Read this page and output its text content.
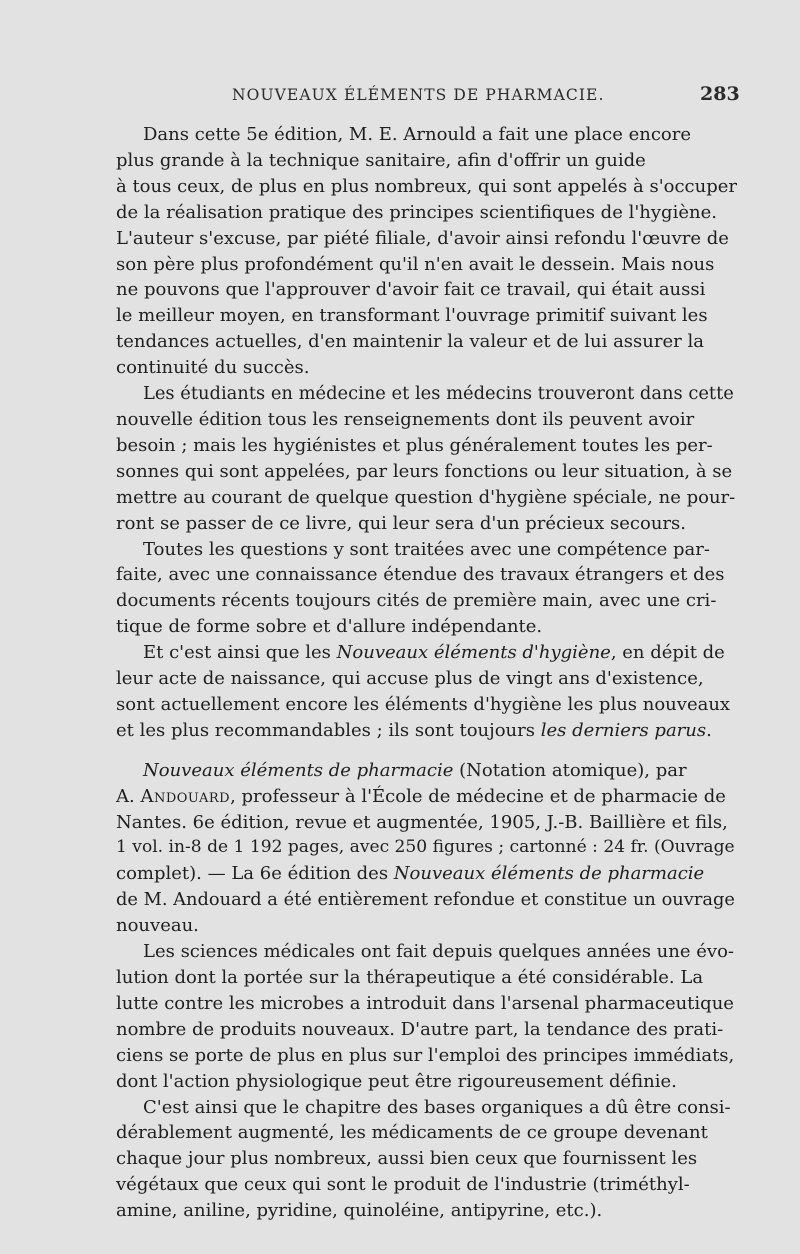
NOUVEAUX ÉLÉMENTS DE PHARMACIE.	283
Dans cette 5e édition, M. E. Arnould a fait une place encore
plus grande à la technique sanitaire, afin d'offrir un guide
à tous ceux, de plus en plus nombreux, qui sont appelés à s'occuper
de la réalisation pratique des principes scientifiques de l'hygiène.
L'auteur s'excuse, par piété filiale, d'avoir ainsi refondu l'œuvre de
son père plus profondément qu'il n'en avait le dessein. Mais nous
ne pouvons que l'approuver d'avoir fait ce travail, qui était aussi
le meilleur moyen, en transformant l'ouvrage primitif suivant les
tendances actuelles, d'en maintenir la valeur et de lui assurer la
continuité du succès.
Les étudiants en médecine et les médecins trouveront dans cette
nouvelle édition tous les renseignements dont ils peuvent avoir
besoin ; mais les hygiénistes et plus généralement toutes les per-
sonnes qui sont appelées, par leurs fonctions ou leur situation, à se
mettre au courant de quelque question d'hygiène spéciale, ne pour-
ront se passer de ce livre, qui leur sera d'un précieux secours.
Toutes les questions y sont traitées avec une compétence par-
faite, avec une connaissance étendue des travaux étrangers et des
documents récents toujours cités de première main, avec une cri-
tique de forme sobre et d'allure indépendante.
Et c'est ainsi que les Nouveaux éléments d'hygiène, en dépit de
leur acte de naissance, qui accuse plus de vingt ans d'existence,
sont actuellement encore les éléments d'hygiène les plus nouveaux
et les plus recommandables ; ils sont toujours les derniers parus.
Nouveaux éléments de pharmacie (Notation atomique), par
A. Andouard, professeur à l'École de médecine et de pharmacie de
Nantes. 6e édition, revue et augmentée, 1905, J.-B. Baillière et fils,
1 vol. in-8 de 1 192 pages, avec 250 figures ; cartonné : 24 fr. (Ouvrage
complet). — La 6e édition des Nouveaux éléments de pharmacie
de M. Andouard a été entièrement refondue et constitue un ouvrage
nouveau.
Les sciences médicales ont fait depuis quelques années une évo-
lution dont la portée sur la thérapeutique a été considérable. La
lutte contre les microbes a introduit dans l'arsenal pharmaceutique
nombre de produits nouveaux. D'autre part, la tendance des prati-
ciens se porte de plus en plus sur l'emploi des principes immédiats,
dont l'action physiologique peut être rigoureusement définie.
C'est ainsi que le chapitre des bases organiques a dû être consi-
dérablement augmenté, les médicaments de ce groupe devenant
chaque jour plus nombreux, aussi bien ceux que fournissent les
végétaux que ceux qui sont le produit de l'industrie (triméthyl-
amine, aniline, pyridine, quinoléine, antipyrine, etc.).
